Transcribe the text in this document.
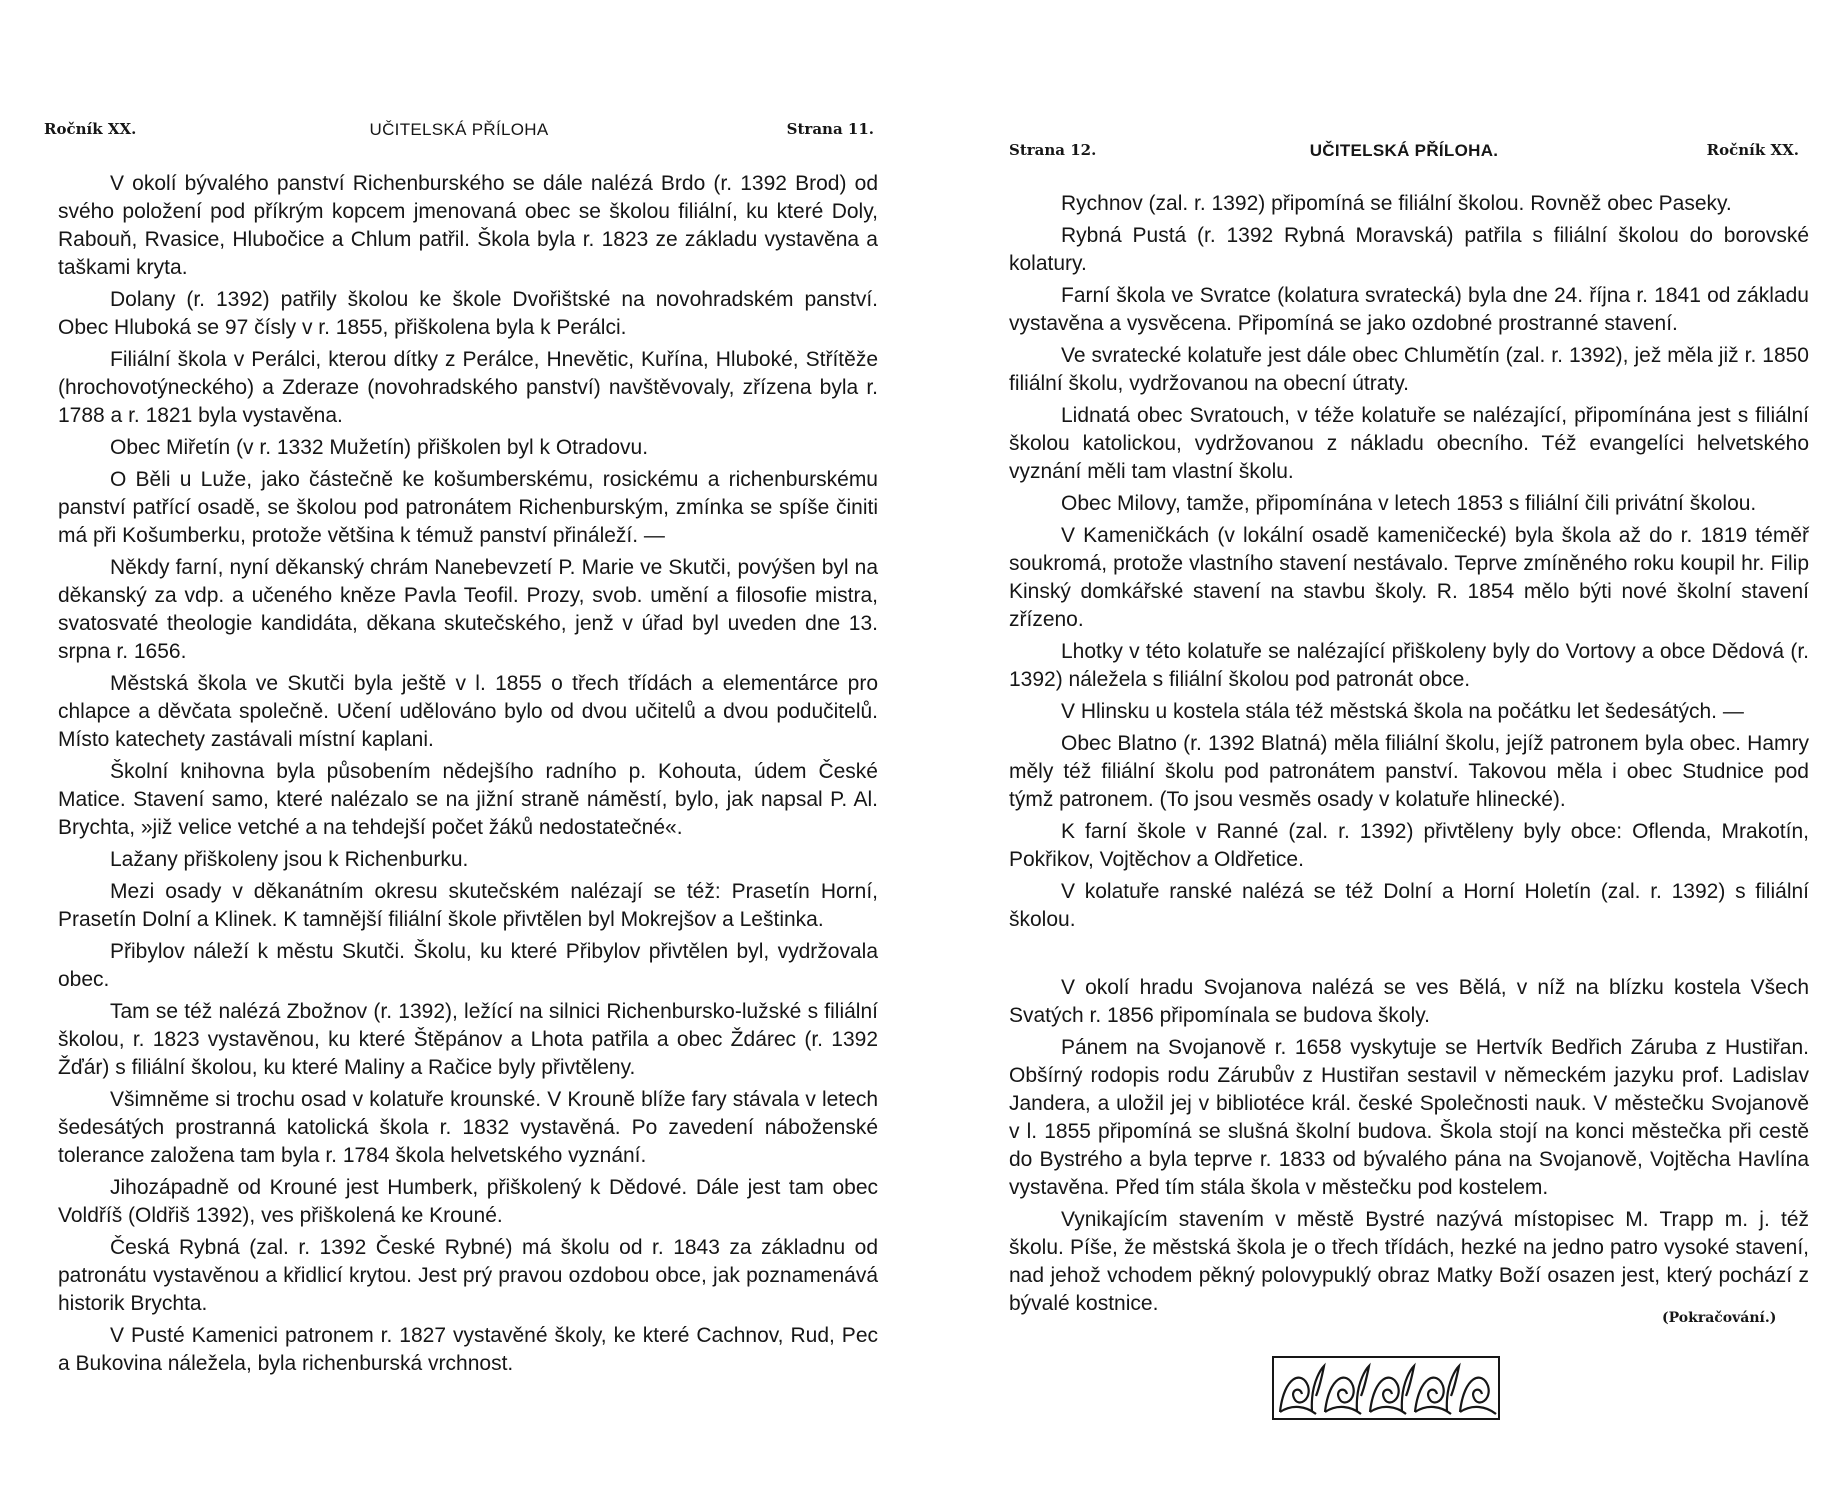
Ročník XX.	UČITELSKÁ PŘÍLOHA	Strana 11.

V okolí bývalého panství Richenburského se dále nalézá Brdo (r. 1392 Brod) od svého položení pod příkrým kopcem jmenovaná obec se školou filiální, ku které Doly, Rabouň, Rvasice, Hlubočice a Chlum patřil. Škola byla r. 1823 ze základu vystavěna a taškami kryta.

Dolany (r. 1392) patřily školou ke škole Dvořištské na novohradském panství. Obec Hluboká se 97 čísly v r. 1855, přiškolena byla k Perálci.

Filiální škola v Perálci, kterou dítky z Perálce, Hnevětic, Kuřína, Hluboké, Střítěže (hrochovotýneckého) a Zderaze (novohradského panství) navštěvovaly, zřízena byla r. 1788 a r. 1821 byla vystavěna.

Obec Miřetín (v r. 1332 Mužetín) přiškolen byl k Otradovu.

O Běli u Luže, jako částečně ke košumberskému, rosickému a richenburskému panství patřící osadě, se školou pod patronátem Richenburským, zmínka se spíše činiti má při Košumberku, protože většina k témuž panství přináleží. —

Někdy farní, nyní děkanský chrám Nanebevzetí P. Marie ve Skutči, povýšen byl na děkanský za vdp. a učeného kněze Pavla Teofil. Prozy, svob. umění a filosofie mistra, svatosvaté theologie kandidáta, děkana skutečského, jenž v úřad byl uveden dne 13. srpna r. 1656.

Městská škola ve Skutči byla ještě v l. 1855 o třech třídách a elementárce pro chlapce a děvčata společně. Učení udělováno bylo od dvou učitelů a dvou podučitelů. Místo katechety zastávali místní kaplani.

Školní knihovna byla působením nědejšího radního p. Kohouta, údem České Matice. Stavení samo, které nalézalo se na jižní straně náměstí, bylo, jak napsal P. Al. Brychta, »již velice vetché a na tehdejší počet žáků nedostatečné«.

Lažany přiškoleny jsou k Richenburku.

Mezi osady v děkanátním okresu skutečském nalézají se též: Prasetín Horní, Prasetín Dolní a Klinek. K tamnější filiální škole přivtělen byl Mokrejšov a Leštinka.

Přibylov náleží k městu Skutči. Školu, ku které Přibylov přivtělen byl, vydržovala obec.

Tam se též nalézá Zbožnov (r. 1392), ležící na silnici Richenbursko-lužské s filiální školou, r. 1823 vystavěnou, ku které Štěpánov a Lhota patřila a obec Ždárec (r. 1392 Žďár) s filiální školou, ku které Maliny a Račice byly přivtěleny.

Všimněme si trochu osad v kolatuře krounské. V Krouně blíže fary stávala v letech šedesátých prostranná katolická škola r. 1832 vystavěná. Po zavedení náboženské tolerance založena tam byla r. 1784 škola helvetského vyznání.

Jihozápadně od Krouné jest Humberk, přiškolený k Dědové. Dále jest tam obec Voldříš (Oldřiš 1392), ves přiškolená ke Krouné.

Česká Rybná (zal. r. 1392 České Rybné) má školu od r. 1843 za základnu od patronátu vystavěnou a křidlicí krytou. Jest prý pravou ozdobou obce, jak poznamenává historik Brychta.

V Pusté Kamenici patronem r. 1827 vystavěné školy, ke které Cachnov, Rud, Pec a Bukovina náležela, byla richenburská vrchnost.

Strana 12.	UČITELSKÁ PŘÍLOHA.	Ročník XX.

Rychnov (zal. r. 1392) připomíná se filiální školou. Rovněž obec Paseky.

Rybná Pustá (r. 1392 Rybná Moravská) patřila s filiální školou do borovské kolatury.

Farní škola ve Svratce (kolatura svratecká) byla dne 24. října r. 1841 od základu vystavěna a vysvěcena. Připomíná se jako ozdobné prostranné stavení.

Ve svratecké kolatuře jest dále obec Chlumětín (zal. r. 1392), jež měla již r. 1850 filiální školu, vydržovanou na obecní útraty.

Lidnatá obec Svratouch, v téže kolatuře se nalézající, připomínána jest s filiální školou katolickou, vydržovanou z nákladu obecního. Též evangelíci helvetského vyznání měli tam vlastní školu.

Obec Milovy, tamže, připomínána v letech 1853 s filiální čili privátní školou.

V Kameničkách (v lokální osadě kameničecké) byla škola až do r. 1819 téměř soukromá, protože vlastního stavení nestávalo. Teprve zmíněného roku koupil hr. Filip Kinský domkářské stavení na stavbu školy. R. 1854 mělo býti nové školní stavení zřízeno.

Lhotky v této kolatuře se nalézající přiškoleny byly do Vortovy a obce Dědová (r. 1392) náležela s filiální školou pod patronát obce.

V Hlinsku u kostela stála též městská škola na počátku let šedesátých. —

Obec Blatno (r. 1392 Blatná) měla filiální školu, jejíž patronem byla obec. Hamry měly též filiální školu pod patronátem panství. Takovou měla i obec Studnice pod týmž patronem. (To jsou vesměs osady v kolatuře hlinecké).

K farní škole v Ranné (zal. r. 1392) přivtěleny byly obce: Oflenda, Mrakotín, Pokřikov, Vojtěchov a Oldřetice.

V kolatuře ranské nalézá se též Dolní a Horní Holetín (zal. r. 1392) s filiální školou.

V okolí hradu Svojanova nalézá se ves Bělá, v níž na blízku kostela Všech Svatých r. 1856 připomínala se budova školy.

Pánem na Svojanově r. 1658 vyskytuje se Hertvík Bedřich Záruba z Hustiřan. Obšírný rodopis rodu Zárubův z Hustiřan sestavil v německém jazyku prof. Ladislav Jandera, a uložil jej v bibliotéce král. české Společnosti nauk. V městečku Svojanově v l. 1855 připomíná se slušná školní budova. Škola stojí na konci městečka při cestě do Bystrého a byla teprve r. 1833 od bývalého pána na Svojanově, Vojtěcha Havlína vystavěna. Před tím stála škola v městečku pod kostelem.

Vynikajícím stavením v městě Bystré nazývá místopisec M. Trapp m. j. též školu. Píše, že městská škola je o třech třídách, hezké na jedno patro vysoké stavení, nad jehož vchodem pěkný polovypuklý obraz Matky Boží osazen jest, který pochází z bývalé kostnice.

(Pokračování.)
